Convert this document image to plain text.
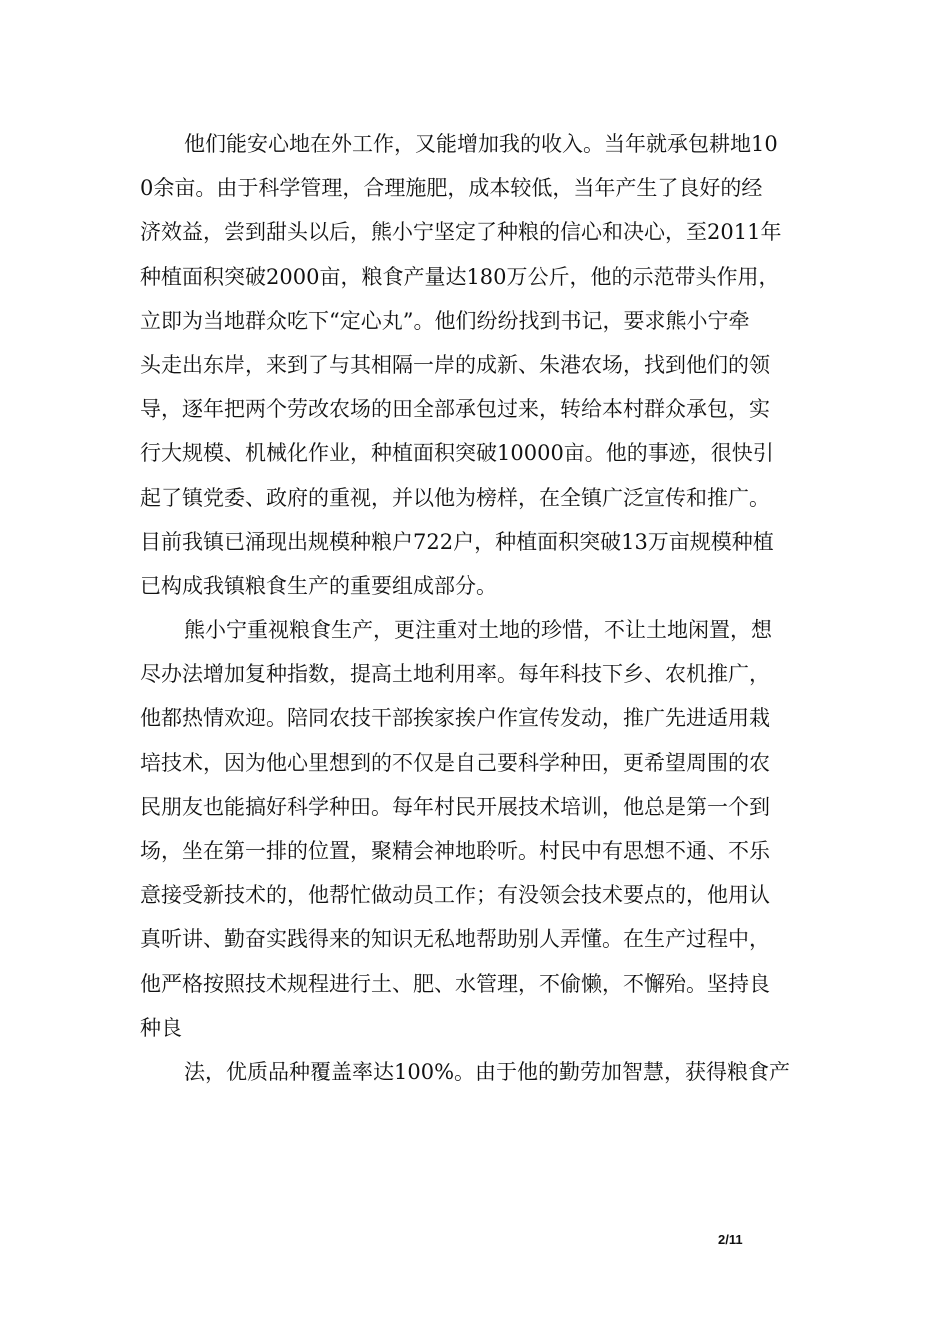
他们能安心地在外工作，又能增加我的收入。当年就承包耕地10
0余亩。由于科学管理，合理施肥，成本较低，当年产生了良好的经
济效益，尝到甜头以后，熊小宁坚定了种粮的信心和决心，至2011年
种植面积突破2000亩，粮食产量达180万公斤，他的示范带头作用，
立即为当地群众吃下“定心丸”。他们纷纷找到书记，要求熊小宁牵
头走出东岸，来到了与其相隔一岸的成新、朱港农场，找到他们的领
导，逐年把两个劳改农场的田全部承包过来，转给本村群众承包，实
行大规模、机械化作业，种植面积突破10000亩。他的事迹，很快引
起了镇党委、政府的重视，并以他为榜样，在全镇广泛宣传和推广。
目前我镇已涌现出规模种粮户722户，种植面积突破13万亩规模种植
已构成我镇粮食生产的重要组成部分。
熊小宁重视粮食生产，更注重对土地的珍惜，不让土地闲置，想
尽办法增加复种指数，提高土地利用率。每年科技下乡、农机推广，
他都热情欢迎。陪同农技干部挨家挨户作宣传发动，推广先进适用栽
培技术，因为他心里想到的不仅是自己要科学种田，更希望周围的农
民朋友也能搞好科学种田。每年村民开展技术培训，他总是第一个到
场，坐在第一排的位置，聚精会神地聆听。村民中有思想不通、不乐
意接受新技术的，他帮忙做动员工作；有没领会技术要点的，他用认
真听讲、勤奋实践得来的知识无私地帮助别人弄懂。在生产过程中，
他严格按照技术规程进行土、肥、水管理，不偷懒，不懈殆。坚持良
种良
法，优质品种覆盖率达100%。由于他的勤劳加智慧，获得粮食产
2/11
